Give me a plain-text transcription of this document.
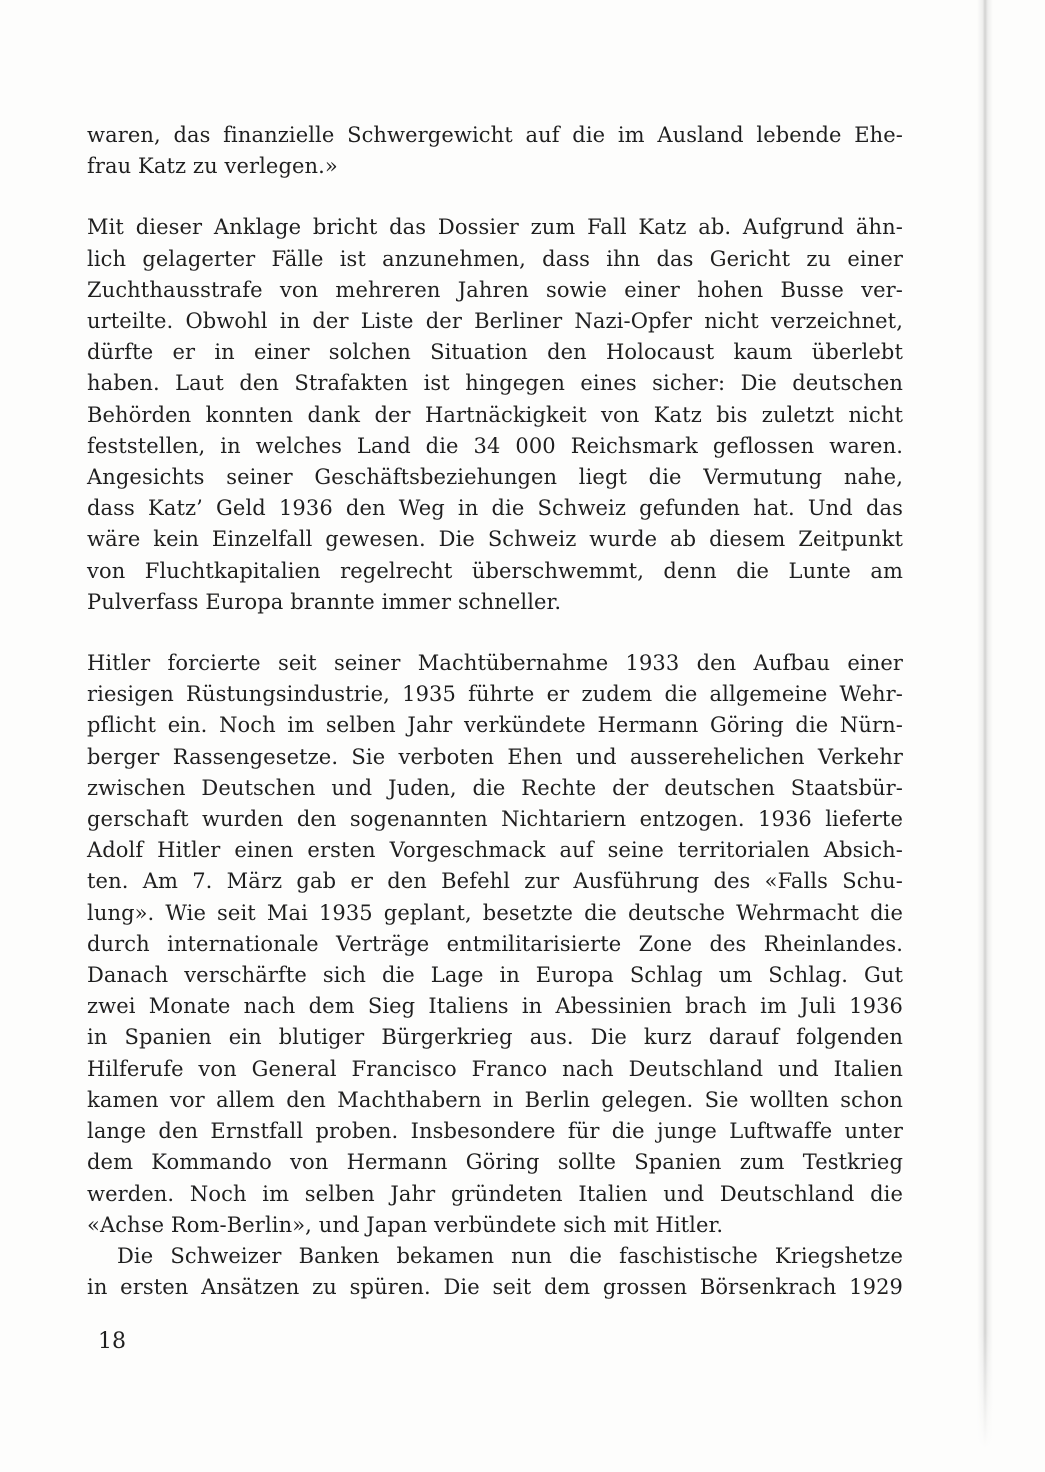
waren, das finanzielle Schwergewicht auf die im Ausland lebende Ehe-
frau Katz zu verlegen.»
Mit dieser Anklage bricht das Dossier zum Fall Katz ab. Aufgrund ähn-
lich gelagerter Fälle ist anzunehmen, dass ihn das Gericht zu einer
Zuchthausstrafe von mehreren Jahren sowie einer hohen Busse ver-
urteilte. Obwohl in der Liste der Berliner Nazi-Opfer nicht verzeichnet,
dürfte er in einer solchen Situation den Holocaust kaum überlebt
haben. Laut den Strafakten ist hingegen eines sicher: Die deutschen
Behörden konnten dank der Hartnäckigkeit von Katz bis zuletzt nicht
feststellen, in welches Land die 34 000 Reichsmark geflossen waren.
Angesichts seiner Geschäftsbeziehungen liegt die Vermutung nahe,
dass Katz’ Geld 1936 den Weg in die Schweiz gefunden hat. Und das
wäre kein Einzelfall gewesen. Die Schweiz wurde ab diesem Zeitpunkt
von Fluchtkapitalien regelrecht überschwemmt, denn die Lunte am
Pulverfass Europa brannte immer schneller.
Hitler forcierte seit seiner Machtübernahme 1933 den Aufbau einer
riesigen Rüstungsindustrie, 1935 führte er zudem die allgemeine Wehr-
pflicht ein. Noch im selben Jahr verkündete Hermann Göring die Nürn-
berger Rassengesetze. Sie verboten Ehen und ausserehelichen Verkehr
zwischen Deutschen und Juden, die Rechte der deutschen Staatsbür-
gerschaft wurden den sogenannten Nichtariern entzogen. 1936 lieferte
Adolf Hitler einen ersten Vorgeschmack auf seine territorialen Absich-
ten. Am 7. März gab er den Befehl zur Ausführung des «Falls Schu-
lung». Wie seit Mai 1935 geplant, besetzte die deutsche Wehrmacht die
durch internationale Verträge entmilitarisierte Zone des Rheinlandes.
Danach verschärfte sich die Lage in Europa Schlag um Schlag. Gut
zwei Monate nach dem Sieg Italiens in Abessinien brach im Juli 1936
in Spanien ein blutiger Bürgerkrieg aus. Die kurz darauf folgenden
Hilferufe von General Francisco Franco nach Deutschland und Italien
kamen vor allem den Machthabern in Berlin gelegen. Sie wollten schon
lange den Ernstfall proben. Insbesondere für die junge Luftwaffe unter
dem Kommando von Hermann Göring sollte Spanien zum Testkrieg
werden. Noch im selben Jahr gründeten Italien und Deutschland die
«Achse Rom-Berlin», und Japan verbündete sich mit Hitler.
Die Schweizer Banken bekamen nun die faschistische Kriegshetze
in ersten Ansätzen zu spüren. Die seit dem grossen Börsenkrach 1929
18
